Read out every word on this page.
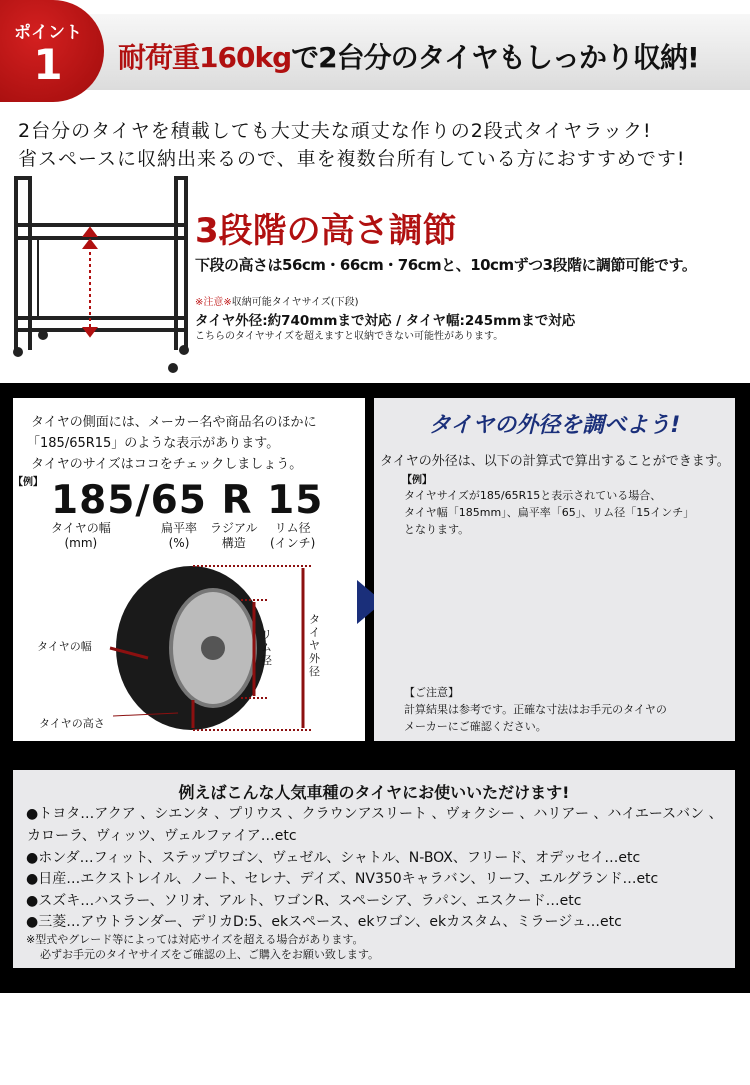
ポイント
1	耐荷重160kgで2台分のタイヤもしっかり収納!
2台分のタイヤを積載しても大丈夫な頑丈な作りの2段式タイヤラック!
省スペースに収納出来るので、車を複数台所有している方におすすめです!
3段階の高さ調節
下段の高さは56cm・66cm・76cmと、10cmずつ3段階に調節可能です。
※注意※収納可能タイヤサイズ(下段)
タイヤ外径:約740mmまで対応 / タイヤ幅:245mmまで対応
こちらのタイヤサイズを超えますと収納できない可能性があります。
タイヤの側面には、メーカー名や商品名のほかに
「185/65R15」のような表示があります。
タイヤのサイズはココをチェックしましょう。
【例】 185/65 R 15
タイヤの幅
(mm)
扁平率
(%)
ラジアル
構造
リム径
(インチ)
タイヤの幅
タイヤの高さ
リム径
タイヤ外径
タイヤの外径を調べよう!
タイヤの外径は、以下の計算式で算出することができます。
【例】
タイヤサイズが185/65R15と表示されている場合、
タイヤ幅「185mm」、扁平率「65」、リム径「15インチ」
となります。
【ご注意】
計算結果は参考です。正確な寸法はお手元のタイヤの
メーカーにご確認ください。
例えばこんな人気車種のタイヤにお使いいただけます!
●トヨタ…アクア 、シエンタ 、プリウス 、クラウンアスリート 、ヴォクシー 、ハリアー 、ハイエースバン 、
カローラ、ヴィッツ、ヴェルファイア…etc
●ホンダ…フィット、ステップワゴン、ヴェゼル、シャトル、N-BOX、フリード、オデッセイ…etc
●日産…エクストレイル、ノート、セレナ、デイズ、NV350キャラバン、リーフ、エルグランド…etc
●スズキ…ハスラー、ソリオ、アルト、ワゴンR、スペーシア、ラパン、エスクード…etc
●三菱…アウトランダー、デリカD:5、ekスペース、ekワゴン、ekカスタム、ミラージュ…etc
※型式やグレード等によっては対応サイズを超える場合があります。
　必ずお手元のタイヤサイズをご確認の上、ご購入をお願い致します。
